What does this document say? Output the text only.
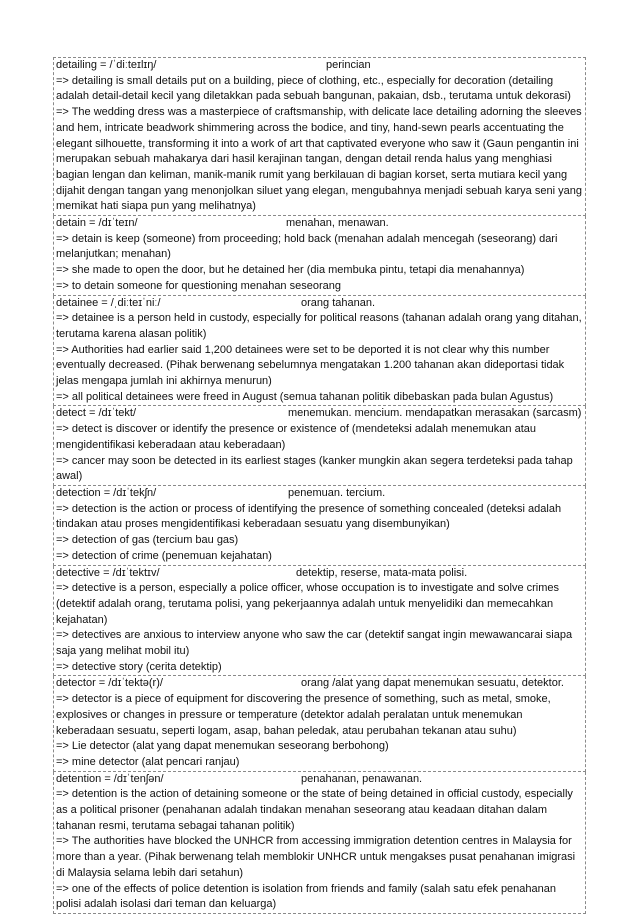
detailing = /ˈdiːteɪlɪŋ/	perincian
=> detailing is small details put on a building, piece of clothing, etc., especially for decoration (detailing adalah detail-detail kecil yang diletakkan pada sebuah bangunan, pakaian, dsb., terutama untuk dekorasi)
=> The wedding dress was a masterpiece of craftsmanship, with delicate lace detailing adorning the sleeves and hem, intricate beadwork shimmering across the bodice, and tiny, hand-sewn pearls accentuating the elegant silhouette, transforming it into a work of art that captivated everyone who saw it (Gaun pengantin ini merupakan sebuah mahakarya dari hasil kerajinan tangan, dengan detail renda halus yang menghiasi bagian lengan dan keliman, manik-manik rumit yang berkilauan di bagian korset, serta mutiara kecil yang dijahit dengan tangan yang menonjolkan siluet yang elegan, mengubahnya menjadi sebuah karya seni yang memikat hati siapa pun yang melihatnya)
detain = /dɪˈteɪn/	menahan, menawan.
=> detain is keep (someone) from proceeding; hold back (menahan adalah mencegah (seseorang) dari melanjutkan; menahan)
=> she made to open the door, but he detained her (dia membuka pintu, tetapi dia menahannya)
=> to detain someone for questioning menahan seseorang
detainee = /ˌdiːteɪˈniː/	orang tahanan.
=> detainee is a person held in custody, especially for political reasons (tahanan adalah orang yang ditahan, terutama karena alasan politik)
=> Authorities had earlier said 1,200 detainees were set to be deported it is not clear why this number eventually decreased. (Pihak berwenang sebelumnya mengatakan 1.200 tahanan akan dideportasi tidak jelas mengapa jumlah ini akhirnya menurun)
=> all political detainees were freed in August (semua tahanan politik dibebaskan pada bulan Agustus)
detect = /dɪˈtekt/	menemukan. mencium. mendapatkan merasakan (sarcasm)
=> detect is discover or identify the presence or existence of (mendeteksi adalah menemukan atau mengidentifikasi keberadaan atau keberadaan)
=> cancer may soon be detected in its earliest stages (kanker mungkin akan segera terdeteksi pada tahap awal)
detection = /dɪˈtekʃn/	penemuan. tercium.
=> detection is the action or process of identifying the presence of something concealed (deteksi adalah tindakan atau proses mengidentifikasi keberadaan sesuatu yang disembunyikan)
=> detection of gas (tercium bau gas)
=> detection of crime (penemuan kejahatan)
detective = /dɪˈtektɪv/	detektip, reserse, mata-mata polisi.
=> detective is a person, especially a police officer, whose occupation is to investigate and solve crimes (detektif adalah orang, terutama polisi, yang pekerjaannya adalah untuk menyelidiki dan memecahkan kejahatan)
=> detectives are anxious to interview anyone who saw the car (detektif sangat ingin mewawancarai siapa saja yang melihat mobil itu)
=> detective story (cerita detektip)
detector = /dɪˈtektə(r)/	orang /alat yang dapat menemukan sesuatu, detektor.
=> detector is a piece of equipment for discovering the presence of something, such as metal, smoke, explosives or changes in pressure or temperature (detektor adalah peralatan untuk menemukan keberadaan sesuatu, seperti logam, asap, bahan peledak, atau perubahan tekanan atau suhu)
=> Lie detector (alat yang dapat menemukan seseorang berbohong)
=> mine detector (alat pencari ranjau)
detention = /dɪˈtenʃən/	penahanan, penawanan.
=> detention is the action of detaining someone or the state of being detained in official custody, especially as a political prisoner (penahanan adalah tindakan menahan seseorang atau keadaan ditahan dalam tahanan resmi, terutama sebagai tahanan politik)
=> The authorities have blocked the UNHCR from accessing immigration detention centres in Malaysia for more than a year. (Pihak berwenang telah memblokir UNHCR untuk mengakses pusat penahanan imigrasi di Malaysia selama lebih dari setahun)
=> one of the effects of police detention is isolation from friends and family (salah satu efek penahanan polisi adalah isolasi dari teman dan keluarga)
